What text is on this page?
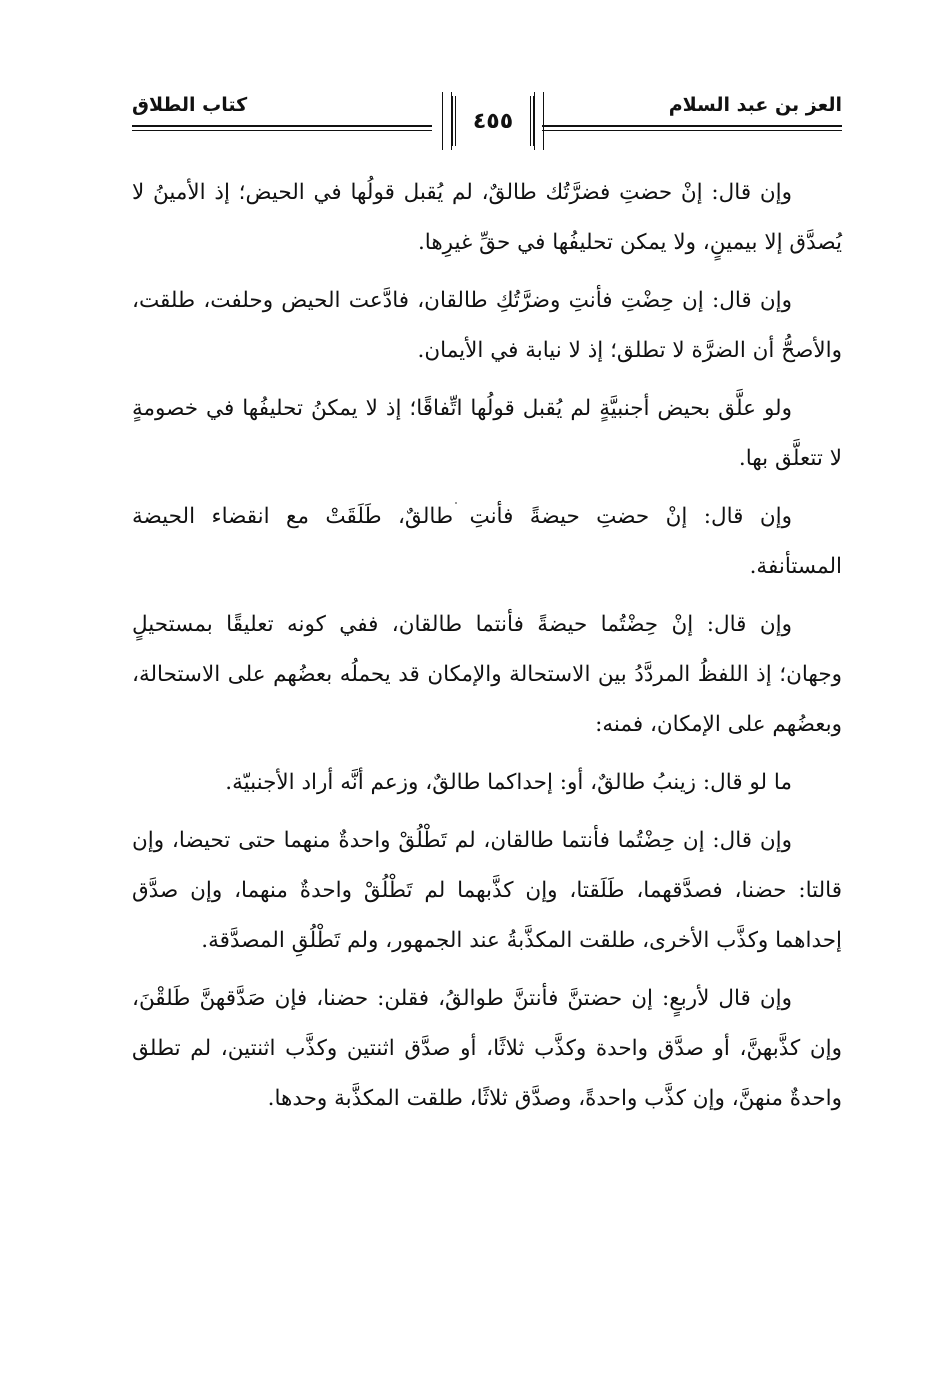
العز بن عبد السلام
٤٥٥
كتاب الطلاق

وإن قال: إنْ حضتِ فضرَّتُك طالقٌ، لم يُقبل قولُها في الحيض؛ إذ الأمينُ لا يُصدَّق إلا بيمينٍ، ولا يمكن تحليفُها في حقِّ غيرِها.

وإن قال: إن حِضْتِ فأنتِ وضرَّتُكِ طالقان، فادَّعت الحيض وحلفت، طلقت، والأصحُّ أن الضرَّة لا تطلق؛ إذ لا نيابة في الأيمان.

ولو علَّق بحيض أجنبيَّةٍ لم يُقبل قولُها اتِّفاقًا؛ إذ لا يمكنُ تحليفُها في خصومةٍ لا تتعلَّق بها.

وإن قال: إنْ حضتِ حيضةً فأنتِ طالقٌ، طَلَقَتْ مع انقضاء الحيضة المستأنفة.

وإن قال: إنْ حِضْتُما حيضةً فأنتما طالقان، ففي كونه تعليقًا بمستحيلٍ وجهان؛ إذ اللفظُ المردَّدُ بين الاستحالة والإمكان قد يحملُه بعضُهم على الاستحالة، وبعضُهم على الإمكان، فمنه:

ما لو قال: زينبُ طالقٌ، أو: إحداكما طالقٌ، وزعم أنَّه أراد الأجنبيّة.

وإن قال: إن حِضْتُما فأنتما طالقان، لم تَطْلُقْ واحدةٌ منهما حتى تحيضا، وإن قالتا: حضنا، فصدَّقهما، طَلَقتا، وإن كذَّبهما لم تَطْلُقْ واحدةٌ منهما، وإن صدَّق إحداهما وكذَّب الأخرى، طلقت المكذَّبةُ عند الجمهور، ولم تَطْلُقِ المصدَّقة.

وإن قال لأربعٍ: إن حضتنَّ فأنتنَّ طوالقُ، فقلن: حضنا، فإن صَدَّقهنَّ طَلقْنَ، وإن كذَّبهنَّ، أو صدَّق واحدة وكذَّب ثلاثًا، أو صدَّق اثنتين وكذَّب اثنتين، لم تطلق واحدةٌ منهنَّ، وإن كذَّب واحدةً، وصدَّق ثلاثًا، طلقت المكذَّبة وحدها.
